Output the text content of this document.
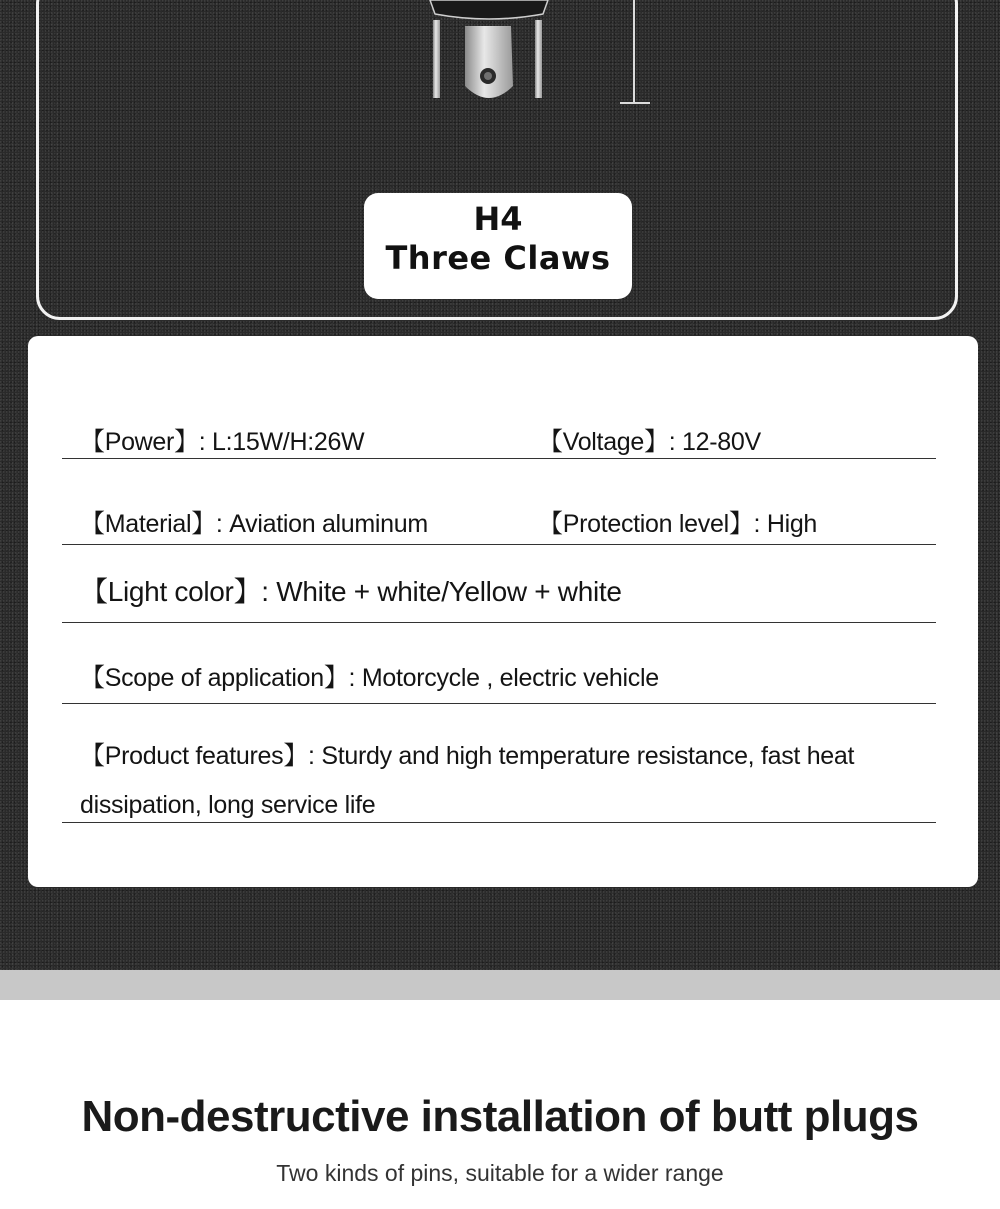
H4
Three Claws
【Power】: L:15W/H:26W	【Voltage】: 12-80V
【Material】: Aviation aluminum	【Protection level】: High
【Light color】: White + white/Yellow + white
【Scope of application】: Motorcycle , electric vehicle
【Product features】: Sturdy and high temperature resistance, fast heat dissipation, long service life
Non-destructive installation of butt plugs
Two kinds of pins, suitable for a wider range
